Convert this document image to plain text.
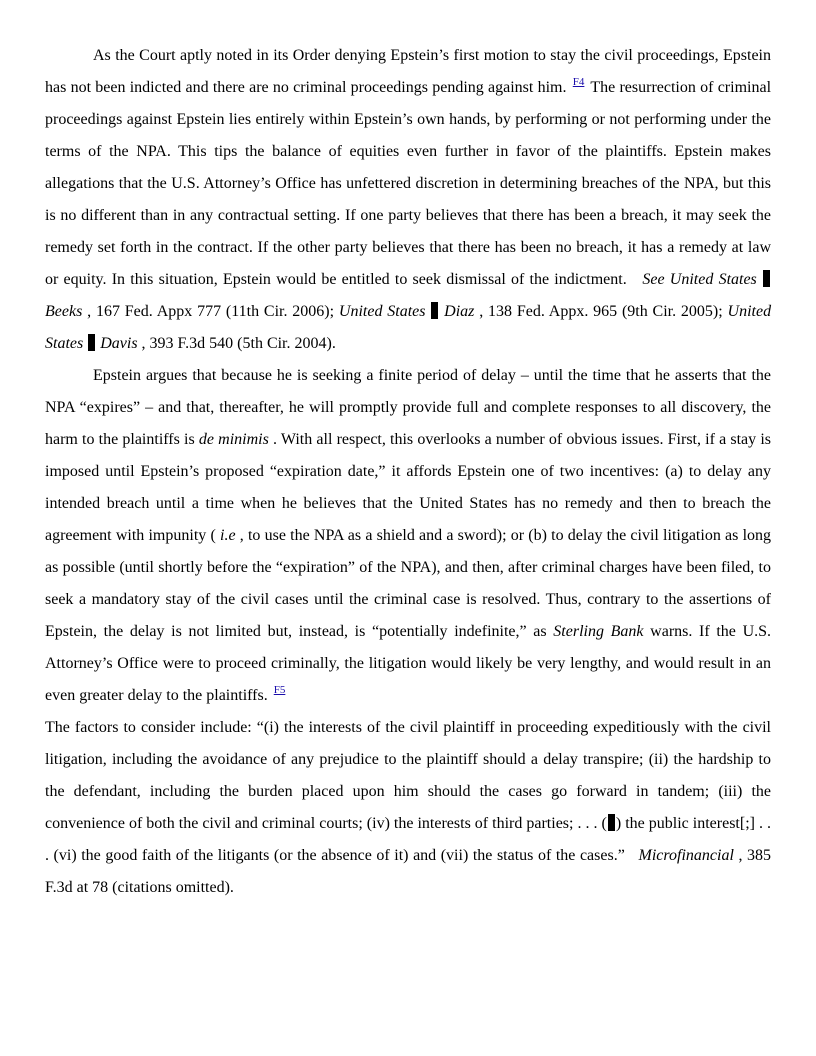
As the Court aptly noted in its Order denying Epstein’s first motion to stay the civil proceedings, Epstein has not been indicted and there are no criminal proceedings pending against him. $^{F4}$ The resurrection of criminal proceedings against Epstein lies entirely within Epstein’s own hands, by performing or not performing under the terms of the NPA. This tips the balance of equities even further in favor of the plaintiffs. Epstein makes allegations that the U.S. Attorney’s Office has unfettered discretion in determining breaches of the NPA, but this is no different than in any contractual setting. If one party believes that there has been a breach, it may seek the remedy set forth in the contract. If the other party believes that there has been no breach, it has a remedy at law or equity. In this situation, Epstein would be entitled to seek dismissal of the indictment. See United States  Beeks , 167 Fed. Appx 777 (11th Cir. 2006); United States Diaz , 138 Fed. Appx. 965 (9th Cir. 2005); United States Davis , 393 F.3d 540 (5th Cir. 2004).

Epstein argues that because he is seeking a finite period of delay – until the time that he asserts that the NPA “expires” – and that, thereafter, he will promptly provide full and complete responses to all discovery, the harm to the plaintiffs is de minimis . With all respect, this overlooks a number of obvious issues. First, if a stay is imposed until Epstein’s proposed “expiration date,” it affords Epstein one of two incentives: (a) to delay any intended breach until a time when he believes that the United States has no remedy and then to breach the agreement with impunity ( i.e , to use the NPA as a shield and a sword); or (b) to delay the civil litigation as long as possible (until shortly before the “expiration” of the NPA), and then, after criminal charges have been filed, to seek a mandatory stay of the civil cases until the criminal case is resolved. Thus, contrary to the assertions of Epstein, the delay is not limited but, instead, is “potentially indefinite,” as Sterling Bank warns. If the U.S. Attorney’s Office were to proceed criminally, the litigation would likely be very lengthy, and would result in an even greater delay to the plaintiffs. $^{F5}$

The factors to consider include: “(i) the interests of the civil plaintiff in proceeding expeditiously with the civil litigation, including the avoidance of any prejudice to the plaintiff should a delay transpire; (ii) the hardship to the defendant, including the burden placed upon him should the cases go forward in tandem; (iii) the convenience of both the civil and criminal courts; (iv) the interests of third parties; . . . ( ) the public interest[;] . . . (vi) the good faith of the litigants (or the absence of it) and (vii) the status of the cases.” Microfinancial , 385 F.3d at 78 (citations omitted).
